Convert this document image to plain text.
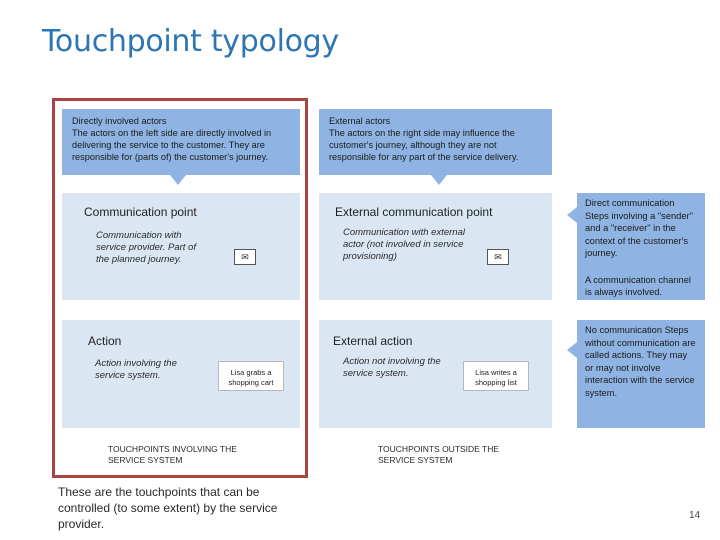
Touchpoint typology
Directly involved actors
The actors on the left side are directly involved in delivering the service to the customer. They are responsible for (parts of) the customer's journey.
External actors
The actors on the right side may influence the customer's journey, although they are not responsible for any part of the service delivery.
Communication point
Communication with service provider. Part of the planned journey.	✉
External communication point
Communication with external actor (not involved in service provisioning)	✉
Direct communication Steps involving a "sender" and a "receiver" in the context of the customer's journey.
A communication channel is always involved.
Action
Action involving the service system.	Lisa grabs a shopping cart
External action
Action not involving the service system.	Lisa writes a shopping list
No communication Steps without communication are called actions. They may or may not involve interaction with the service system.
TOUCHPOINTS INVOLVING THE SERVICE SYSTEM
TOUCHPOINTS OUTSIDE THE SERVICE SYSTEM
These are the touchpoints that can be controlled (to some extent) by the service provider.
14
